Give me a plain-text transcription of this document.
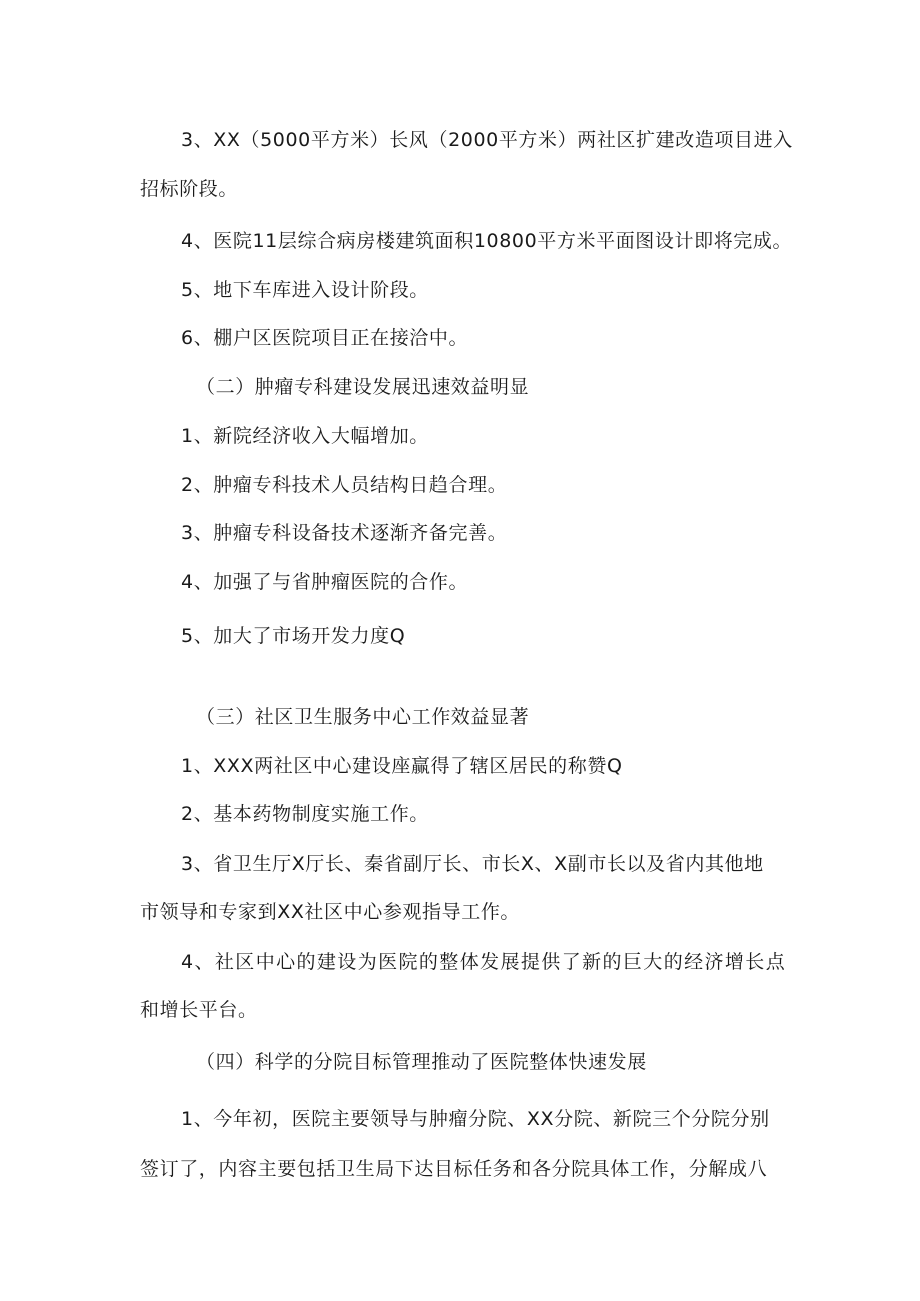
3、XX（5000平方米）长风（2000平方米）两社区扩建改造项目进入

招标阶段。

4、医院11层综合病房楼建筑面积10800平方米平面图设计即将完成。

5、地下车库进入设计阶段。

6、棚户区医院项目正在接洽中。

（二）肿瘤专科建设发展迅速效益明显

1、新院经济收入大幅增加。

2、肿瘤专科技术人员结构日趋合理。

3、肿瘤专科设备技术逐渐齐备完善。

4、加强了与省肿瘤医院的合作。

5、加大了市场开发力度Q

（三）社区卫生服务中心工作效益显著

1、XXX两社区中心建设座赢得了辖区居民的称赞Q

2、基本药物制度实施工作。

3、省卫生厅X厅长、秦省副厅长、市长X、X副市长以及省内其他地

市领导和专家到XX社区中心参观指导工作。

4、社区中心的建设为医院的整体发展提供了新的巨大的经济增长点

和增长平台。

（四）科学的分院目标管理推动了医院整体快速发展

1、今年初，医院主要领导与肿瘤分院、XX分院、新院三个分院分别

签订了，内容主要包括卫生局下达目标任务和各分院具体工作，分解成八
